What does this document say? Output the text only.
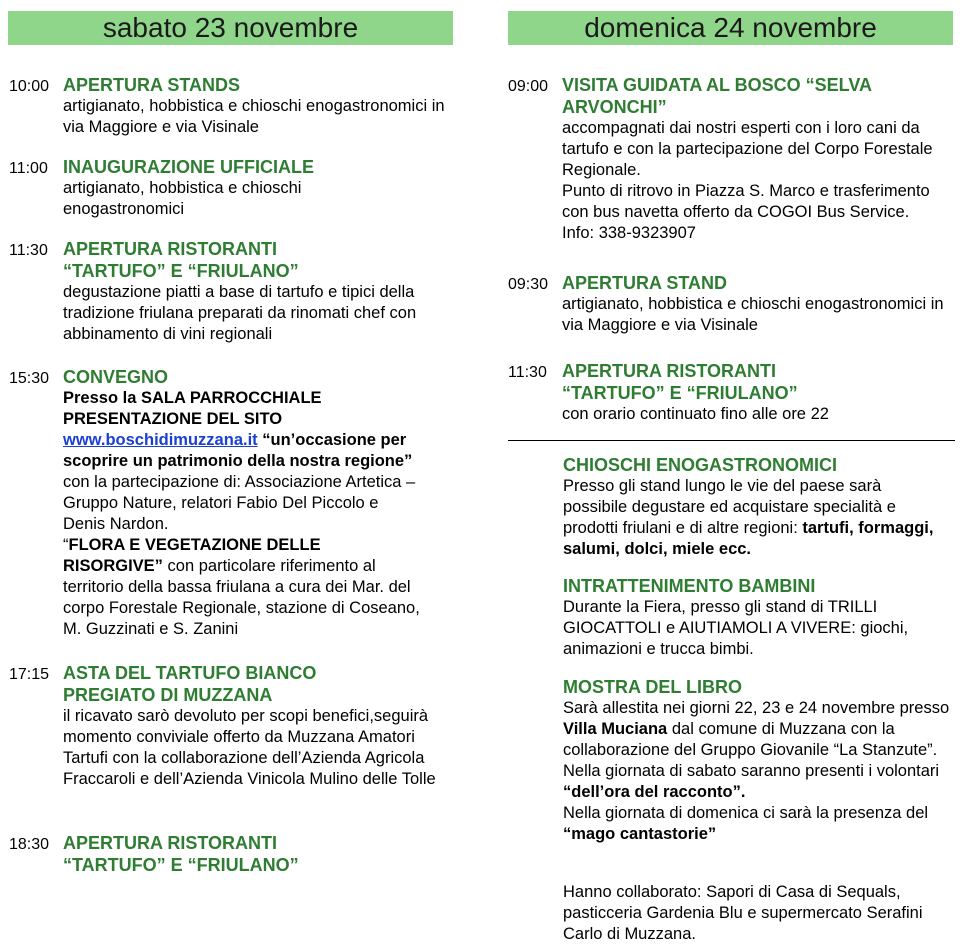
sabato 23 novembre
10:00 APERTURA STANDS
artigianato, hobbistica e chioschi enogastronomici in via Maggiore e via Visinale
11:00 INAUGURAZIONE UFFICIALE
artigianato, hobbistica e chioschi enogastronomici
11:30 APERTURA RISTORANTI
“TARTUFO” E “FRIULANO”
degustazione piatti a base di tartufo e tipici della tradizione friulana preparati da rinomati chef con abbinamento di vini regionali
15:30 CONVEGNO
Presso la SALA PARROCCHIALE
PRESENTAZIONE DEL SITO
www.boschidimuzzana.it “un’occasione per scoprire un patrimonio della nostra regione” con la partecipazione di: Associazione Artetica – Gruppo Nature, relatori Fabio Del Piccolo e Denis Nardon.
“FLORA E VEGETAZIONE DELLE RISORGIVE” con particolare riferimento al territorio della bassa friulana a cura dei Mar. del corpo Forestale Regionale, stazione di Coseano, M. Guzzinati e S. Zanini
17:15 ASTA DEL TARTUFO BIANCO
PREGIATO DI MUZZANA
il ricavato sarò devoluto per scopi benefici,seguirà momento conviviale offerto da Muzzana Amatori Tartufi con la collaborazione dell’Azienda Agricola Fraccaroli e dell’Azienda Vinicola Mulino delle Tolle
18:30 APERTURA RISTORANTI
“TARTUFO” E “FRIULANO”
domenica 24 novembre
09:00 VISITA GUIDATA AL BOSCO “SELVA
ARVONCHI”
accompagnati dai nostri esperti con i loro cani da tartufo e con la partecipazione del Corpo Forestale Regionale.
Punto di ritrovo in Piazza S. Marco e trasferimento con bus navetta offerto da COGOI Bus Service. Info: 338-9323907
09:30 APERTURA STAND
artigianato, hobbistica e chioschi enogastronomici in via Maggiore e via Visinale
11:30 APERTURA RISTORANTI
“TARTUFO” E “FRIULANO”
con orario continuato fino alle ore 22
CHIOSCHI ENOGASTRONOMICI
Presso gli stand lungo le vie del paese sarà possibile degustare ed acquistare specialità e prodotti friulani e di altre regioni: tartufi, formaggi, salumi, dolci, miele ecc.
INTRATTENIMENTO BAMBINI
Durante la Fiera, presso gli stand di TRILLI GIOCATTOLI e AIUTIAMOLI A VIVERE: giochi, animazioni e trucca bimbi.
MOSTRA DEL LIBRO
Sarà allestita nei giorni 22, 23 e 24 novembre presso Villa Muciana dal comune di Muzzana con la collaborazione del Gruppo Giovanile “La Stanzute”.
Nella giornata di sabato saranno presenti i volontari “dell’ora del racconto”.
Nella giornata di domenica ci sarà la presenza del “mago cantastorie”
Hanno collaborato: Sapori di Casa di Sequals, pasticceria Gardenia Blu e supermercato Serafini Carlo di Muzzana.
